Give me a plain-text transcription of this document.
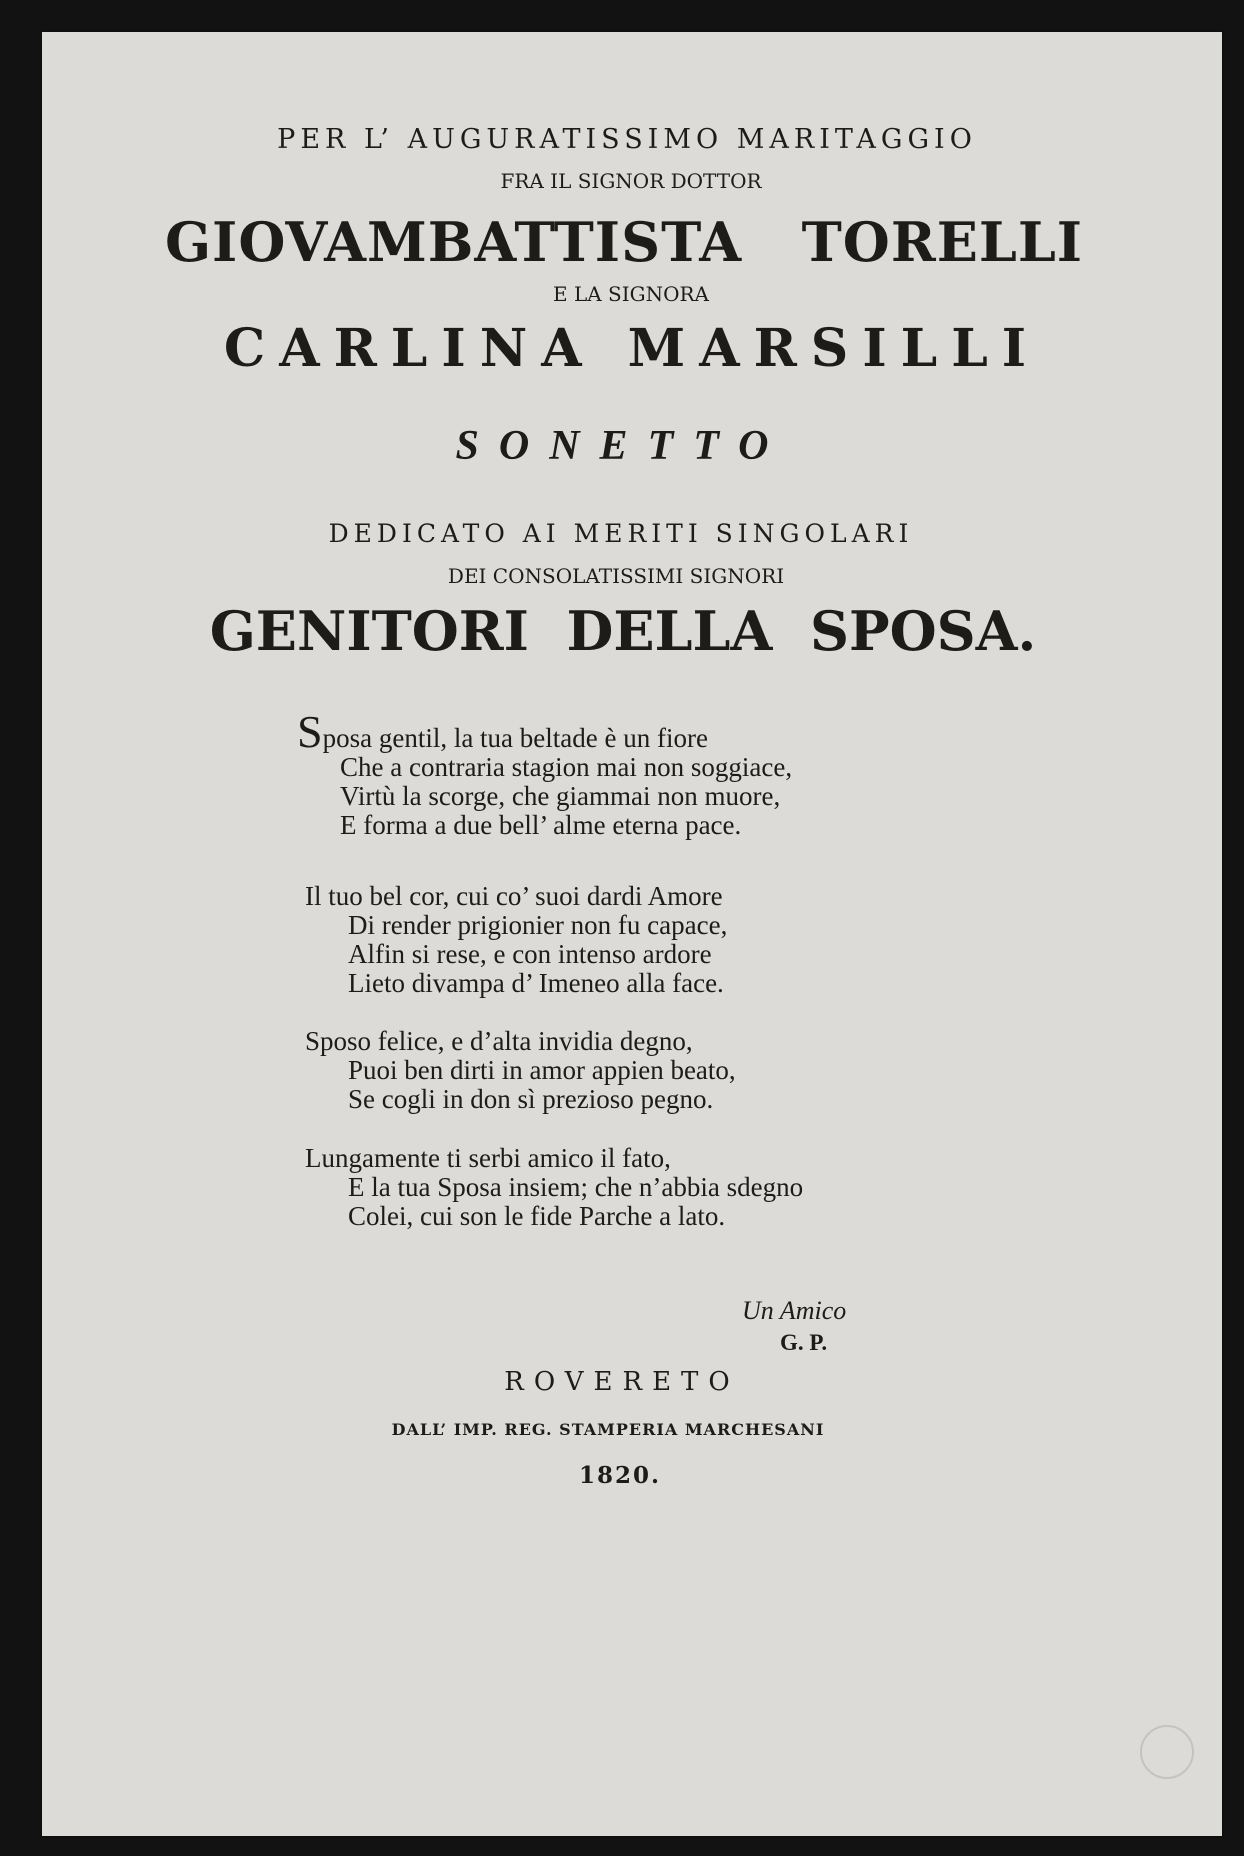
PER L’ AUGURATISSIMO MARITAGGIO
FRA IL SIGNOR DOTTOR
GIOVAMBATTISTA   TORELLI
E LA SIGNORA
CARLINA MARSILLI
SONETTO
DEDICATO AI MERITI SINGOLARI
DEI CONSOLATISSIMI SIGNORI
GENITORI  DELLA  SPOSA.
Sposa gentil, la tua beltade è un fiore
Che a contraria stagion mai non soggiace,
Virtù la scorge, che giammai non muore,
E forma a due bell’ alme eterna pace.
Il tuo bel cor, cui co’ suoi dardi Amore
Di render prigionier non fu capace,
Alfin si rese, e con intenso ardore
Lieto divampa d’ Imeneo alla face.
Sposo felice, e d’alta invidia degno,
Puoi ben dirti in amor appien beato,
Se cogli in don sì prezioso pegno.
Lungamente ti serbi amico il fato,
E la tua Sposa insiem; che n’abbia sdegno
Colei, cui son le fide Parche a lato.
Un Amico
G. P.
ROVERETO
DALL’ IMP. REG. STAMPERIA MARCHESANI
1820.
